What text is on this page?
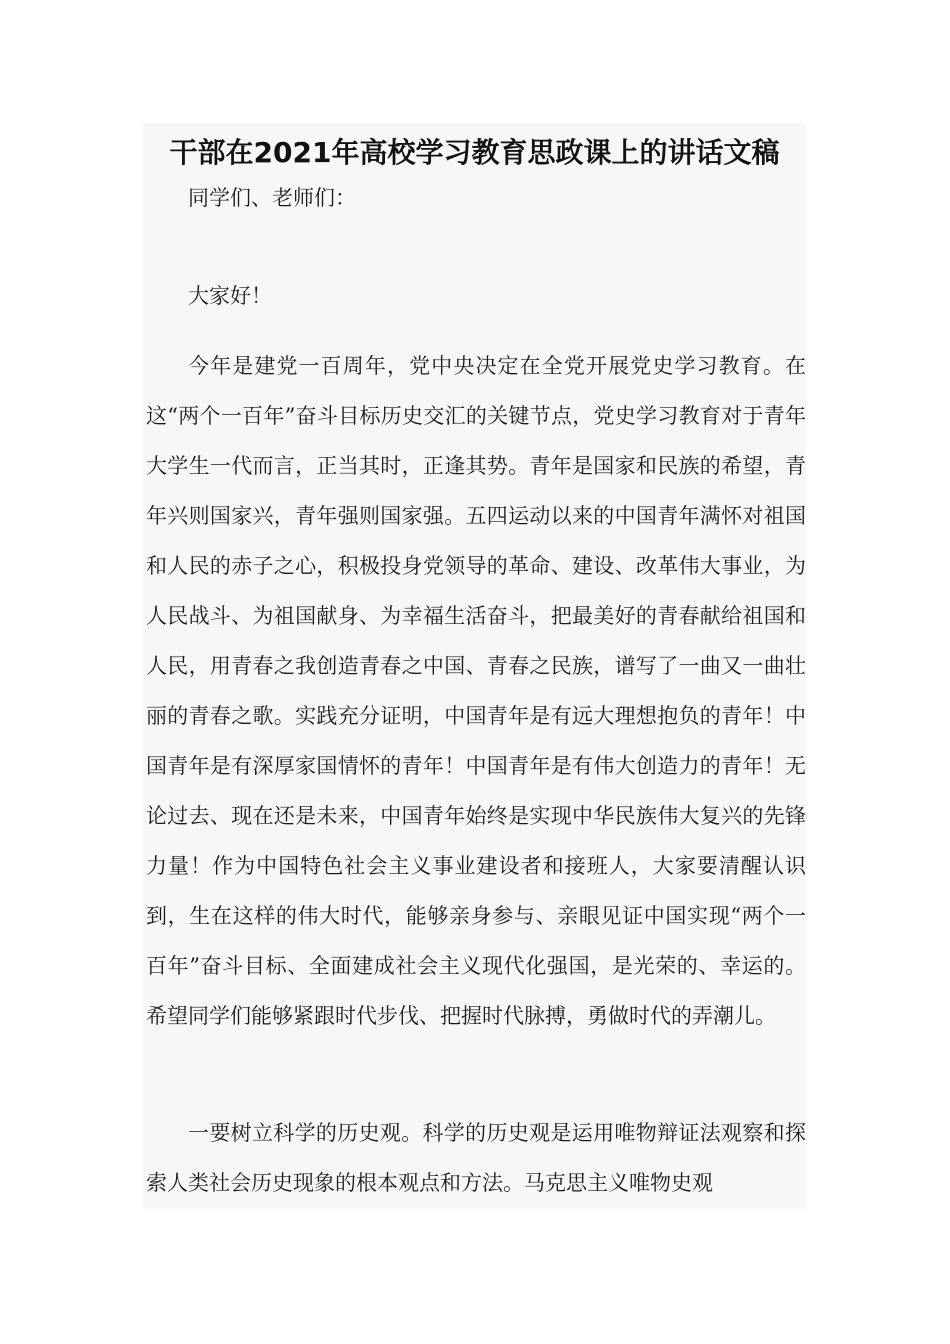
干部在2021年高校学习教育思政课上的讲话文稿

同学们、老师们：

大家好！

今年是建党一百周年，党中央决定在全党开展党史学习教育。在这“两个一百年”奋斗目标历史交汇的关键节点，党史学习教育对于青年大学生一代而言，正当其时，正逢其势。青年是国家和民族的希望，青年兴则国家兴，青年强则国家强。五四运动以来的中国青年满怀对祖国和人民的赤子之心，积极投身党领导的革命、建设、改革伟大事业，为人民战斗、为祖国献身、为幸福生活奋斗，把最美好的青春献给祖国和人民，用青春之我创造青春之中国、青春之民族，谱写了一曲又一曲壮丽的青春之歌。实践充分证明，中国青年是有远大理想抱负的青年！中国青年是有深厚家国情怀的青年！中国青年是有伟大创造力的青年！无论过去、现在还是未来，中国青年始终是实现中华民族伟大复兴的先锋力量！作为中国特色社会主义事业建设者和接班人，大家要清醒认识到，生在这样的伟大时代，能够亲身参与、亲眼见证中国实现“两个一百年”奋斗目标、全面建成社会主义现代化强国，是光荣的、幸运的。希望同学们能够紧跟时代步伐、把握时代脉搏，勇做时代的弄潮儿。

一要树立科学的历史观。科学的历史观是运用唯物辩证法观察和探索人类社会历史现象的根本观点和方法。马克思主义唯物史观
